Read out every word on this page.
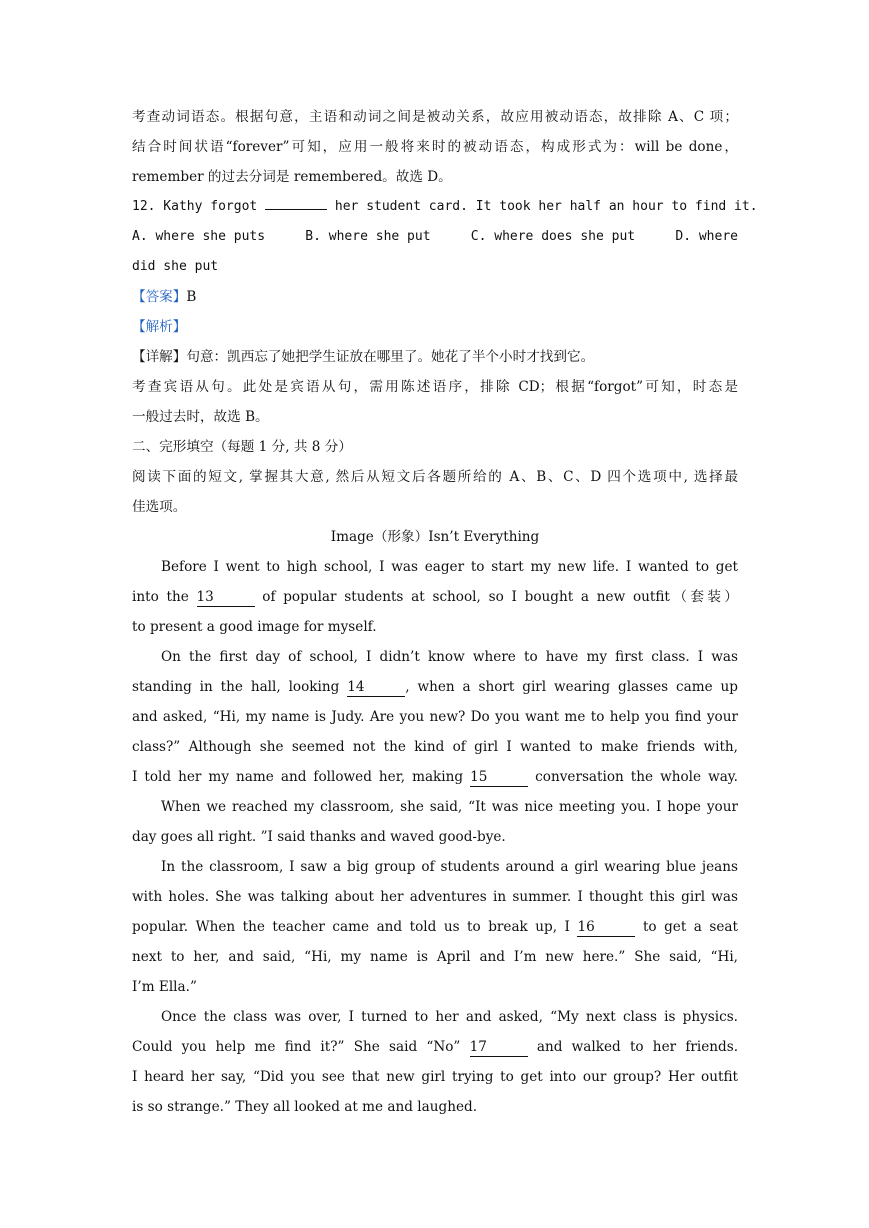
考查动词语态。根据句意，主语和动词之间是被动关系，故应用被动语态，故排除 A、C 项；
结合时间状语“forever”可知，应用一般将来时的被动语态，构成形式为：will be done，
remember 的过去分词是 remembered。故选 D。
12. Kathy forgot	her student card. It took her half an hour to find it.
A. where she puts	B. where she put	C. where does she put	D. where
did she put
【答案】B
【解析】
【详解】句意：凯西忘了她把学生证放在哪里了。她花了半个小时才找到它。
考查宾语从句。此处是宾语从句，需用陈述语序，排除 CD；根据“forgot”可知，时态是
一般过去时，故选 B。
二、完形填空（每题 1 分, 共 8 分）
阅读下面的短文, 掌握其大意, 然后从短文后各题所给的 A、B、C、D 四个选项中, 选择最
佳选项。
Image（形象）Isn’t Everything
Before I went to high school, I was eager to start my new life. I wanted to get
into the 13	of popular students at school, so I bought a new outfit（套装）
to present a good image for myself.
On the first day of school, I didn’t know where to have my first class. I was
standing in the hall, looking 14	, when a short girl wearing glasses came up
and asked, “Hi, my name is Judy. Are you new? Do you want me to help you find your
class?” Although she seemed not the kind of girl I wanted to make friends with,
I told her my name and followed her, making 15	conversation the whole way.
When we reached my classroom, she said, “It was nice meeting you. I hope your
day goes all right. ”I said thanks and waved good-bye.
In the classroom, I saw a big group of students around a girl wearing blue jeans
with holes. She was talking about her adventures in summer. I thought this girl was
popular. When the teacher came and told us to break up, I 16	to get a seat
next to her, and said, “Hi, my name is April and I’m new here.” She said, “Hi,
I’m Ella.”
Once the class was over, I turned to her and asked, “My next class is physics.
Could you help me find it?” She said “No” 17	and walked to her friends.
I heard her say, “Did you see that new girl trying to get into our group? Her outfit
is so strange.” They all looked at me and laughed.
